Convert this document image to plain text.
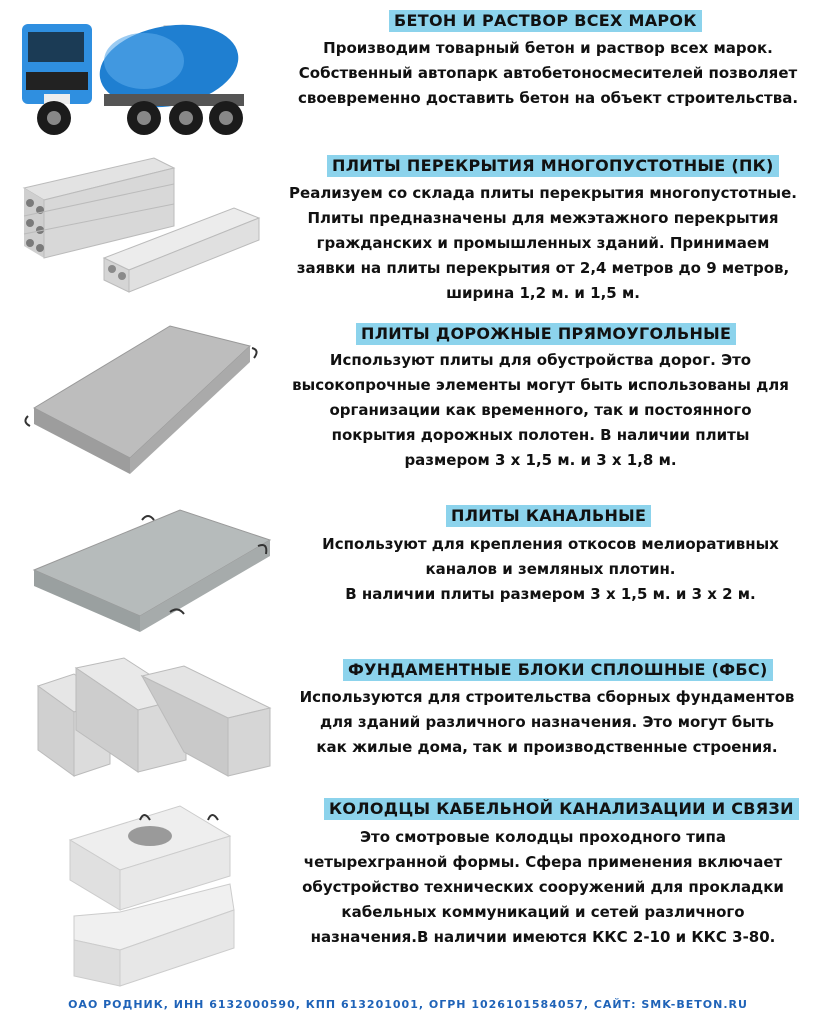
БЕТОН И РАСТВОР ВСЕХ МАРОК

Производим товарный бетон и раствор всех марок.

Собственный автопарк автобетоносмесителей позволяет

своевременно доставить бетон на объект строительства.

ПЛИТЫ ПЕРЕКРЫТИЯ МНОГОПУСТОТНЫЕ (ПК)

Реализуем со склада плиты перекрытия многопустотные.

Плиты предназначены для межэтажного перекрытия

гражданских и промышленных зданий. Принимаем

заявки на плиты перекрытия от 2,4 метров до 9 метров,

ширина 1,2 м. и 1,5 м.

ПЛИТЫ ДОРОЖНЫЕ ПРЯМОУГОЛЬНЫЕ

Используют плиты для обустройства дорог. Это

высокопрочные элементы могут быть использованы для

организации как временного, так и постоянного

покрытия дорожных полотен. В наличии плиты

размером 3 х 1,5 м. и 3 х 1,8 м.

ПЛИТЫ КАНАЛЬНЫЕ

Используют для крепления откосов мелиоративных

каналов и земляных плотин.

В наличии плиты размером 3 х 1,5 м. и 3 х 2 м.

ФУНДАМЕНТНЫЕ БЛОКИ СПЛОШНЫЕ (ФБС)

Используются для строительства сборных фундаментов

для зданий различного назначения. Это могут быть

как жилые дома, так и производственные строения.

КОЛОДЦЫ КАБЕЛЬНОЙ КАНАЛИЗАЦИИ И СВЯЗИ

Это смотровые колодцы проходного типа

четырехгранной формы. Сфера применения включает

обустройство технических сооружений для прокладки

кабельных коммуникаций и сетей различного

назначения.В наличии имеются ККС 2-10 и ККС 3-80.

ОАО РОДНИК, ИНН 6132000590, КПП 613201001, ОГРН 1026101584057, САЙТ: SMK-BETON.RU
